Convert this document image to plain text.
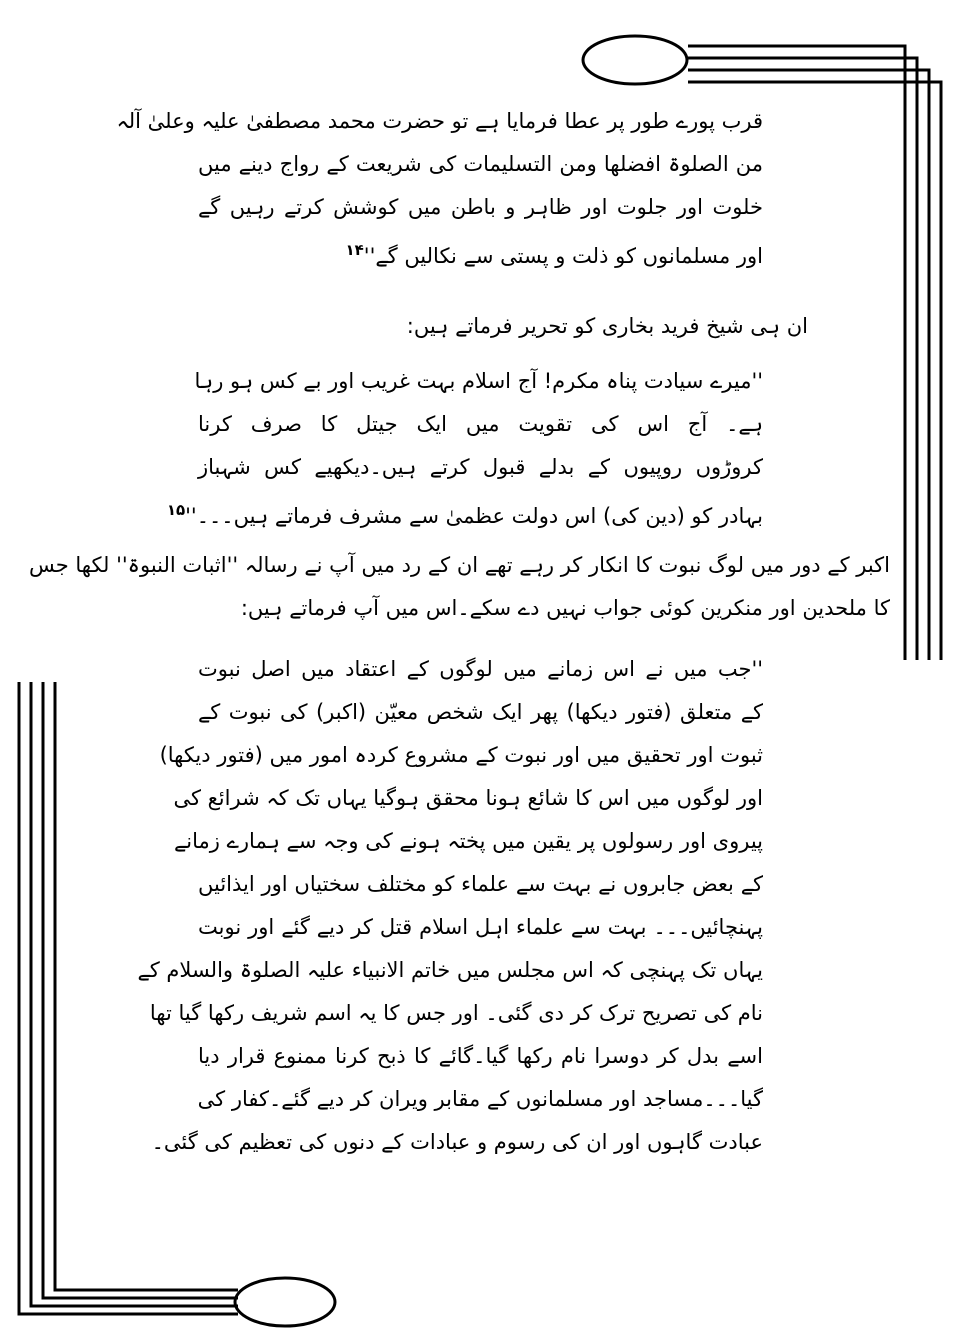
قرب پورے طور پر عطا فرمایا ہے تو حضرت محمد مصطفیٰ علیہ وعلیٰ آلہ
من الصلوۃ افضلھا ومن التسلیمات کی شریعت کے رواج دینے میں
خلوت اور جلوت اور ظاہر و باطن میں کوشش کرتے رہیں گے
اور مسلمانوں کو ذلت و پستی سے نکالیں گے''$^{۱۴}$
ان ہی شیخ فرید بخاری کو تحریر فرماتے ہیں:
''میرے سیادت پناہ مکرم! آج اسلام بہت غریب اور بے کس ہو رہا
ہے۔ آج اس کی تقویت میں ایک جیتل کا صرف کرنا
کروڑوں روپیوں کے بدلے قبول کرتے ہیں۔دیکھیے کس شہباز
بہادر کو (دین کی) اس دولت عظمیٰ سے مشرف فرماتے ہیں۔۔۔''$^{۱۵}$
اکبر کے دور میں لوگ نبوت کا انکار کر رہے تھے ان کے رد میں آپ نے رسالہ ''اثبات النبوۃ'' لکھا جس
کا ملحدین اور منکرین کوئی جواب نہیں دے سکے۔اس میں آپ فرماتے ہیں:
''جب میں نے اس زمانے میں لوگوں کے اعتقاد میں اصل نبوت
کے متعلق (فتور دیکھا) پھر ایک شخص معیّن (اکبر) کی نبوت کے
ثبوت اور تحقیق میں اور نبوت کے مشروع کردہ امور میں (فتور دیکھا)
اور لوگوں میں اس کا شائع ہونا محقق ہوگیا یہاں تک کہ شرائع کی
پیروی اور رسولوں پر یقین میں پختہ ہونے کی وجہ سے ہمارے زمانے
کے بعض جابروں نے بہت سے علماء کو مختلف سختیاں اور ایذائیں
پہنچائیں۔۔۔ بہت سے علماء اہل اسلام قتل کر دیے گئے اور نوبت
یہاں تک پہنچی کہ اس مجلس میں خاتم الانبیاء علیہ الصلوۃ والسلام کے
نام کی تصریح ترک کر دی گئی۔ اور جس کا یہ اسم شریف رکھا گیا تھا
اسے بدل کر دوسرا نام رکھا گیا۔گائے کا ذبح کرنا ممنوع قرار دیا
گیا۔۔۔مساجد اور مسلمانوں کے مقابر ویران کر دیے گئے۔کفار کی
عبادت گاہوں اور ان کی رسوم و عبادات کے دنوں کی تعظیم کی گئی۔
